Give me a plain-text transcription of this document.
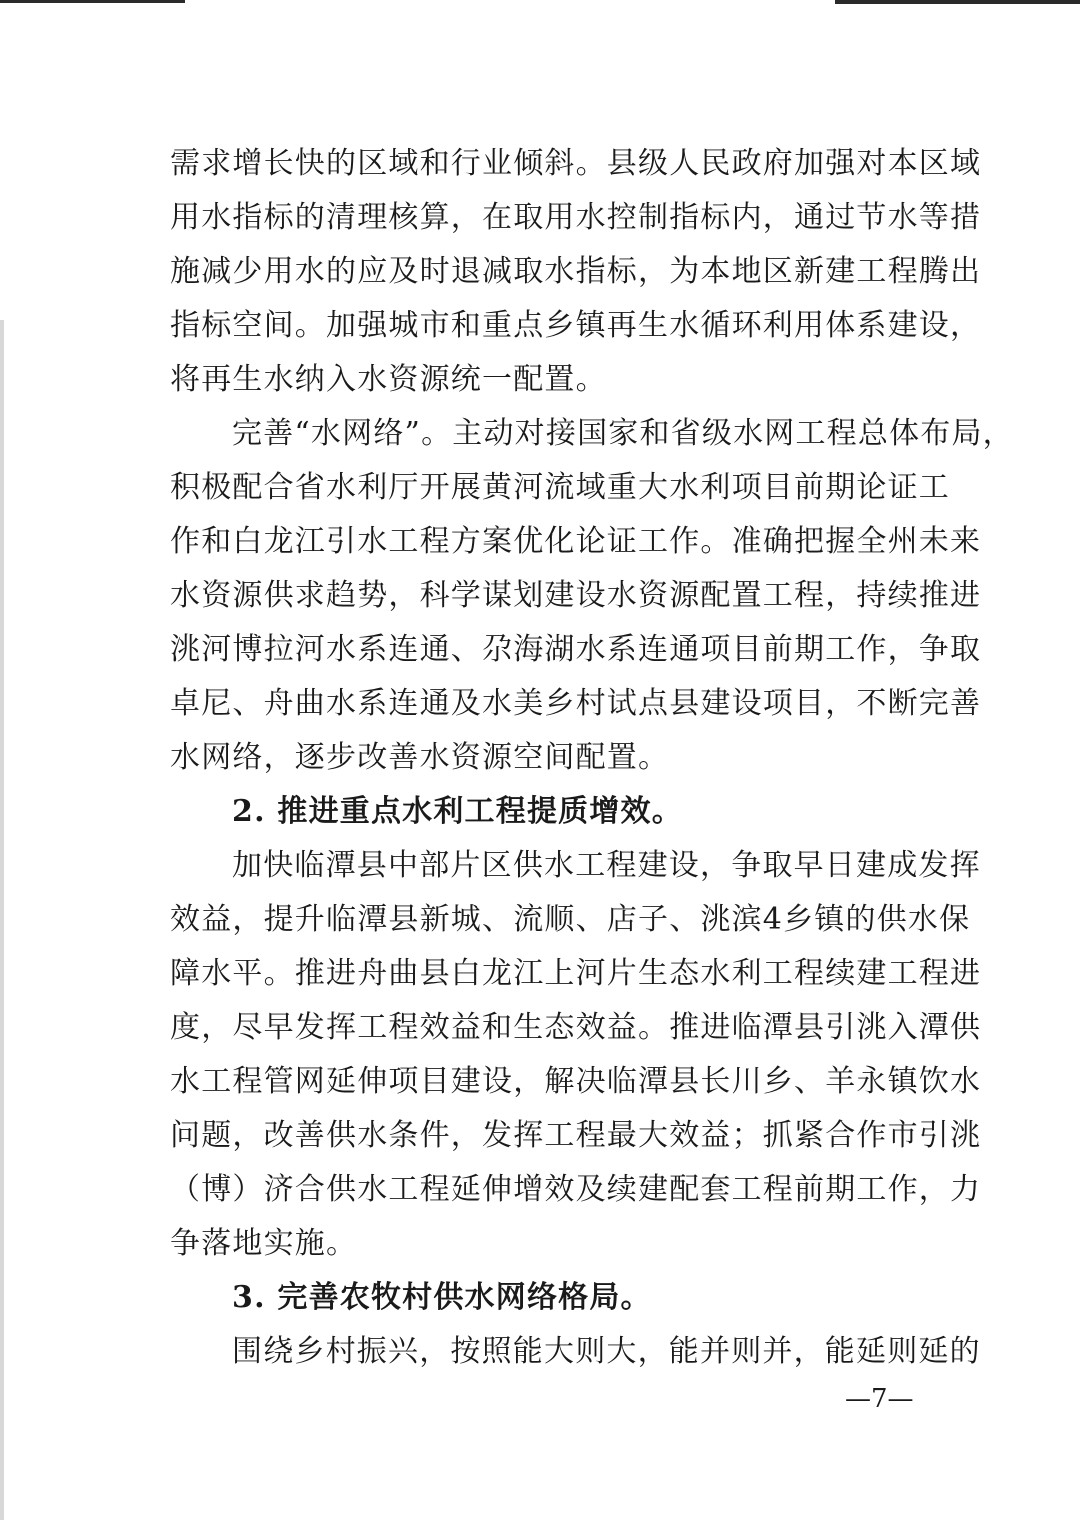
需求增长快的区域和行业倾斜。县级人民政府加强对本区域
用水指标的清理核算，在取用水控制指标内，通过节水等措
施减少用水的应及时退减取水指标，为本地区新建工程腾出
指标空间。加强城市和重点乡镇再生水循环利用体系建设，
将再生水纳入水资源统一配置。
完善“水网络”。主动对接国家和省级水网工程总体布局，
积极配合省水利厅开展黄河流域重大水利项目前期论证工
作和白龙江引水工程方案优化论证工作。准确把握全州未来
水资源供求趋势，科学谋划建设水资源配置工程，持续推进
洮河博拉河水系连通、尕海湖水系连通项目前期工作，争取
卓尼、舟曲水系连通及水美乡村试点县建设项目，不断完善
水网络，逐步改善水资源空间配置。
2. 推进重点水利工程提质增效。
加快临潭县中部片区供水工程建设，争取早日建成发挥
效益，提升临潭县新城、流顺、店子、洮滨4乡镇的供水保
障水平。推进舟曲县白龙江上河片生态水利工程续建工程进
度，尽早发挥工程效益和生态效益。推进临潭县引洮入潭供
水工程管网延伸项目建设，解决临潭县长川乡、羊永镇饮水
问题，改善供水条件，发挥工程最大效益；抓紧合作市引洮
（博）济合供水工程延伸增效及续建配套工程前期工作，力
争落地实施。
3. 完善农牧村供水网络格局。
围绕乡村振兴，按照能大则大，能并则并，能延则延的
—7—
